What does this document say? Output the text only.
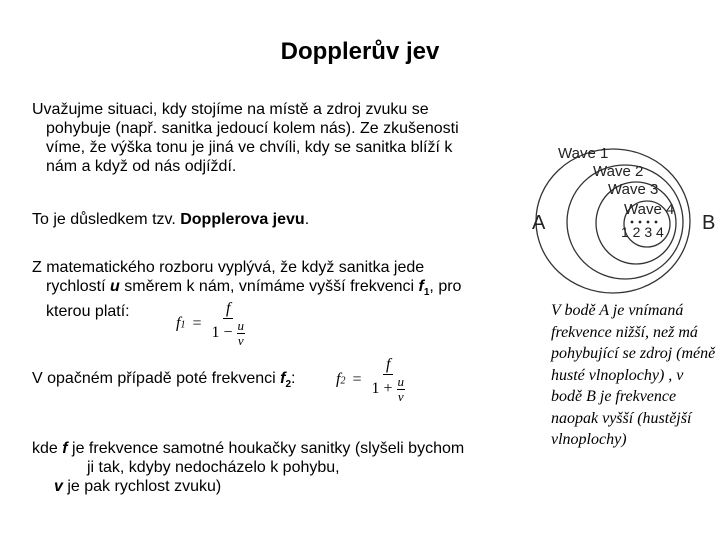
Dopplerův jev
Uvažujme situaci, kdy stojíme na místě a zdroj zvuku se
pohybuje (např. sanitka jedoucí kolem nás). Ze zkušenosti
víme, že výška tonu je jiná ve chvíli, kdy se sanitka blíží k
nám a když od nás odjíždí.
To je důsledkem tzv. Dopplerova jevu.
Z matematického rozboru vyplývá, že když sanitka jede
rychlostí u směrem k nám, vnímáme vyšší frekvenci $f_1$, pro
kterou platí:
$f1 = \frac{f}{1 - \frac{u}{v}}$
V opačném případě poté frekvenci $f_2$:	$f2 = \frac{f}{1 + \frac{u}{v}}$
kde f je frekvence samotné houkačky sanitky (slyšeli bychom
ji tak, kdyby nedocházelo k pohybu,
v je pak rychlost zvuku)
Wave 1
Wave 2
Wave 3
Wave 4
1 2 3 4
A	B
V bodě A je vnímaná frekvence nižší, než má pohybující se zdroj (méně husté vlnoplochy) , v bodě B je frekvence naopak vyšší (hustější vlnoplochy)
